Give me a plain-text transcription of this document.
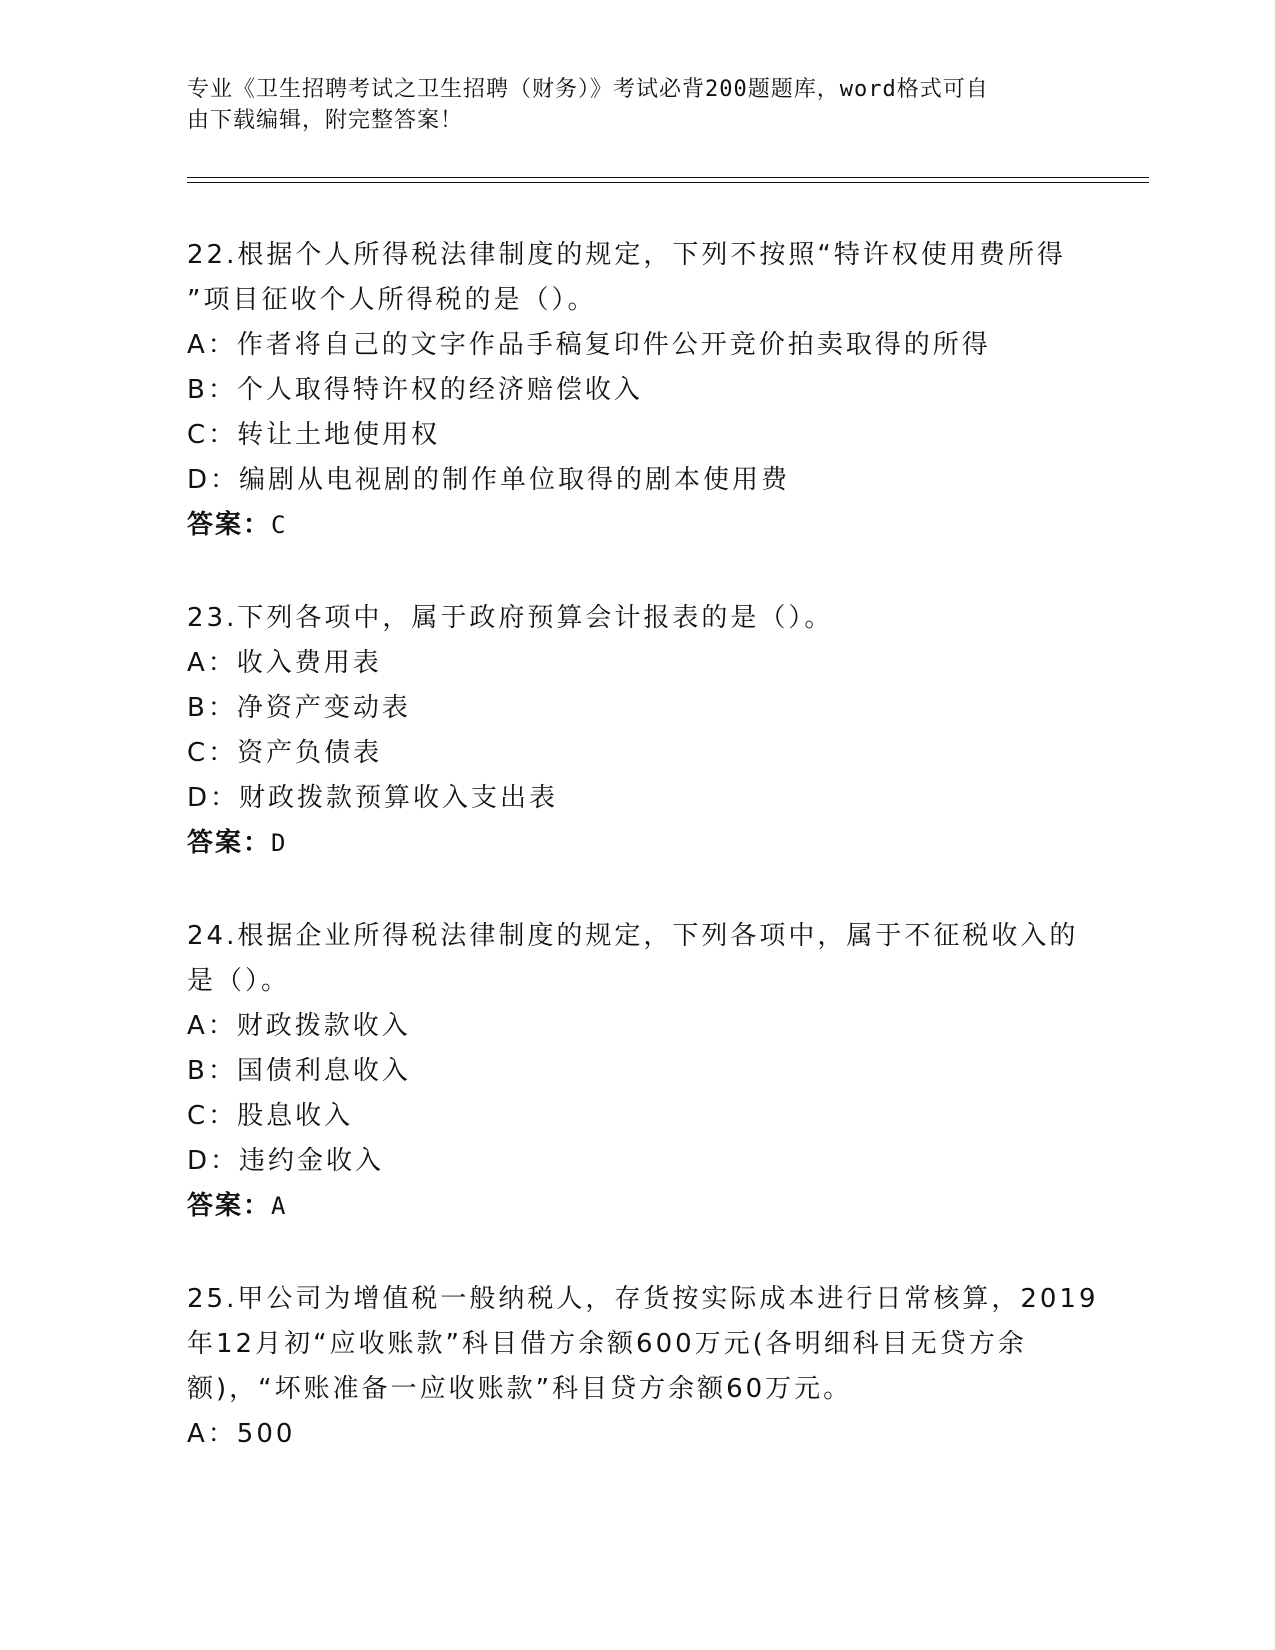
专业《卫生招聘考试之卫生招聘（财务）》考试必背200题题库，word格式可自

由下载编辑，附完整答案！

22.根据个人所得税法律制度的规定，下列不按照“特许权使用费所得
”项目征收个人所得税的是（）。
A：作者将自己的文字作品手稿复印件公开竞价拍卖取得的所得
B：个人取得特许权的经济赔偿收入
C：转让土地使用权
D：编剧从电视剧的制作单位取得的剧本使用费
答案：C
23.下列各项中，属于政府预算会计报表的是（）。
A：收入费用表
B：净资产变动表
C：资产负债表
D：财政拨款预算收入支出表
答案：D
24.根据企业所得税法律制度的规定，下列各项中，属于不征税收入的
是（）。
A：财政拨款收入
B：国债利息收入
C：股息收入
D：违约金收入
答案：A
25.甲公司为增值税一般纳税人，存货按实际成本进行日常核算，2019
年12月初“应收账款”科目借方余额600万元(各明细科目无贷方余
额)，“坏账准备一应收账款”科目贷方余额60万元。
A：500
